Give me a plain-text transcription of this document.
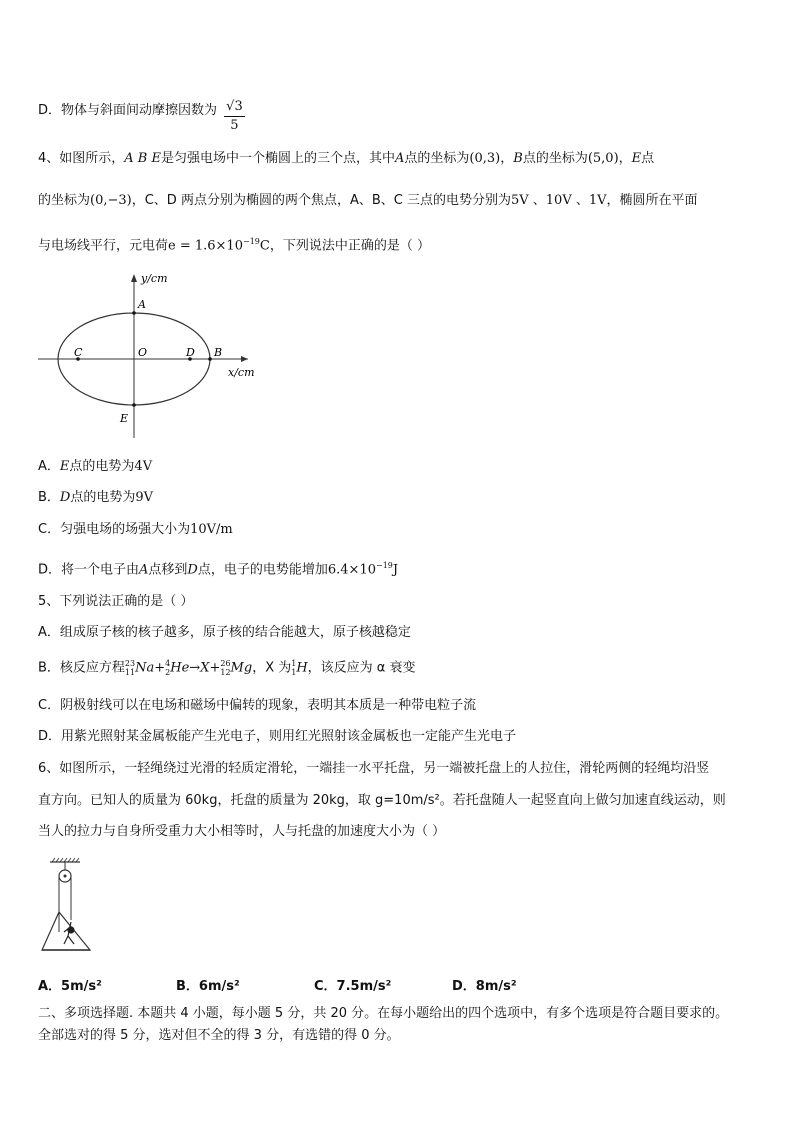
D．物体与斜面间动摩擦因数为 $\frac{√3}{5}$
4、如图所示，A B E是匀强电场中一个椭圆上的三个点，其中A点的坐标为(0,3)，B点的坐标为(5,0)，E点
的坐标为(0,−3)，C、D 两点分别为椭圆的两个焦点，A、B、C 三点的电势分别为5V 、10V 、1V，椭圆所在平面
与电场线平行，元电荷$e = 1.6\times 10^{-19}C$，下列说法中正确的是（ ）
y/cm
x/cm
A
C	O	D B
E
A．E点的电势为4V
B．D点的电势为9V
C．匀强电场的场强大小为10V/m
D．将一个电子由A点移到D点，电子的电势能增加$6.4\times 10^{-19}J$
5、下列说法正确的是（ ）
A．组成原子核的核子越多，原子核的结合能越大，原子核越稳定
B．核反应方程 23
11 Na+ 4
2 He→X+ 26
12 Mg，X 为 1
1 H，该反应为 α 衰变
C．阴极射线可以在电场和磁场中偏转的现象，表明其本质是一种带电粒子流
D．用紫光照射某金属板能产生光电子，则用红光照射该金属板也一定能产生光电子
6、如图所示，一轻绳绕过光滑的轻质定滑轮，一端挂一水平托盘，另一端被托盘上的人拉住，滑轮两侧的轻绳均沿竖
直方向。已知人的质量为 60kg，托盘的质量为 20kg，取 g=10m/s²。若托盘随人一起竖直向上做匀加速直线运动，则
当人的拉力与自身所受重力大小相等时，人与托盘的加速度大小为（ ）
A．5m/s²	B．6m/s²	C．7.5m/s²	D．8m/s²
二、多项选择题. 本题共 4 小题，每小题 5 分，共 20 分。在每小题给出的四个选项中，有多个选项是符合题目要求的。
全部选对的得 5 分，选对但不全的得 3 分，有选错的得 0 分。
